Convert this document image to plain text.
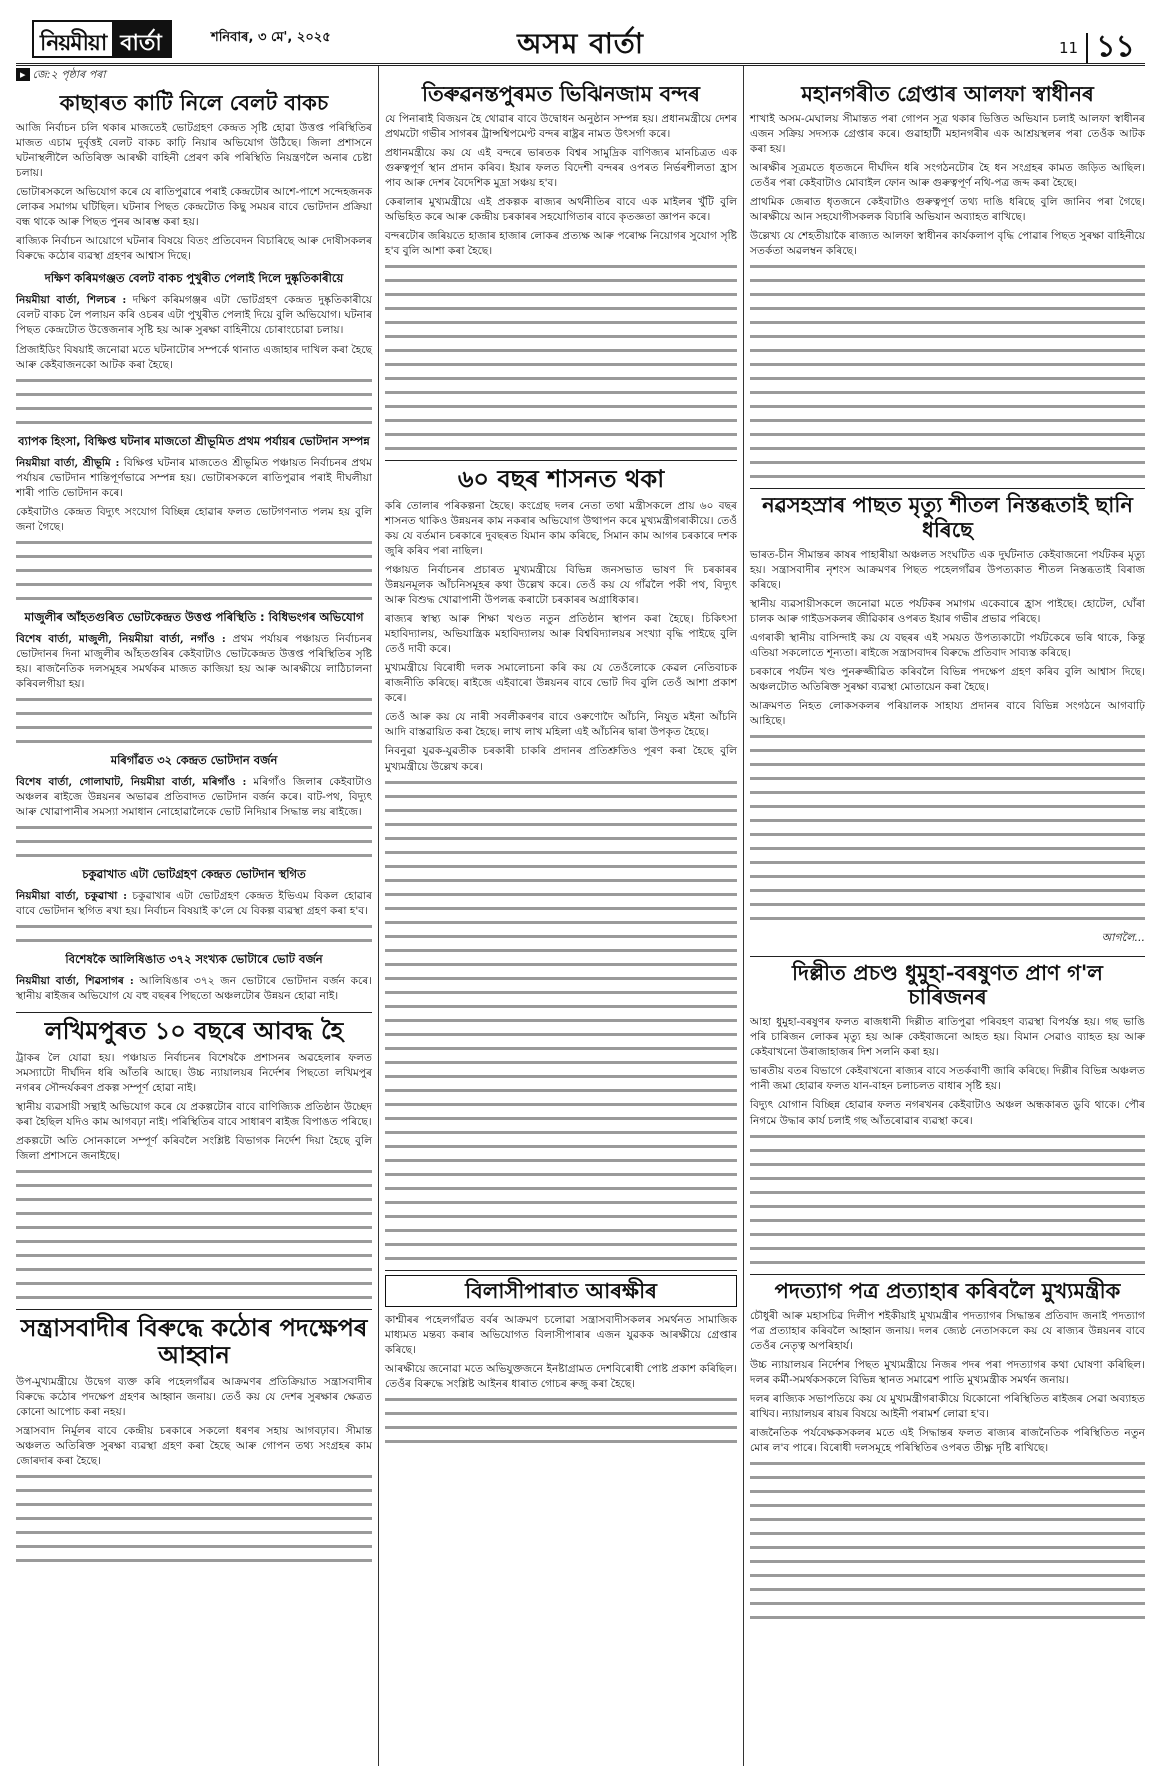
নিয়মীয়া বাৰ্তা	শনিবাৰ, ৩ মে', ২০২৫	অসম বাৰ্তা	11 ১১
▸ জে:২ পৃষ্ঠাৰ পৰা
কাছাৰত কাটি নিলে বেলট বাকচ

আজি নিৰ্বাচন চলি থকাৰ মাজতেই ভোটগ্ৰহণ কেন্দ্ৰত সৃষ্টি হোৱা উত্তপ্ত পৰিস্থিতিৰ মাজত এচাম দুৰ্বৃত্তই বেলট বাকচ কাঢ়ি নিয়াৰ অভিযোগ উঠিছে। জিলা প্ৰশাসনে ঘটনাস্থলীলৈ অতিৰিক্ত আৰক্ষী বাহিনী প্ৰেৰণ কৰি পৰিস্থিতি নিয়ন্ত্ৰণলৈ অনাৰ চেষ্টা চলায়।

ভোটাৰসকলে অভিযোগ কৰে যে ৰাতিপুৱাৰে পৰাই কেন্দ্ৰটোৰ আশে-পাশে সন্দেহজনক লোকৰ সমাগম ঘটিছিল। ঘটনাৰ পিছত কেন্দ্ৰটোত কিছু সময়ৰ বাবে ভোটদান প্ৰক্ৰিয়া বন্ধ থাকে আৰু পিছত পুনৰ আৰম্ভ কৰা হয়।

ৰাজ্যিক নিৰ্বাচন আয়োগে ঘটনাৰ বিষয়ে বিতং প্ৰতিবেদন বিচাৰিছে আৰু দোষীসকলৰ বিৰুদ্ধে কঠোৰ ব্যৱস্থা গ্ৰহণৰ আশ্বাস দিছে।

দক্ষিণ কৰিমগঞ্জত বেলট বাকচ পুখুৰীত পেলাই দিলে দুষ্কৃতিকাৰীয়ে

নিয়মীয়া বাৰ্তা, শিলচৰ : দক্ষিণ কৰিমগঞ্জৰ এটা ভোটগ্ৰহণ কেন্দ্ৰত দুষ্কৃতিকাৰীয়ে বেলট বাকচ লৈ পলায়ন কৰি ওচৰৰ এটা পুখুৰীত পেলাই দিয়ে বুলি অভিযোগ। ঘটনাৰ পিছত কেন্দ্ৰটোত উত্তেজনাৰ সৃষ্টি হয় আৰু সুৰক্ষা বাহিনীয়ে চোৰাংচোৱা চলায়।

প্ৰিজাইডিং বিষয়াই জনোৱা মতে ঘটনাটোৰ সম্পৰ্কে থানাত এজাহাৰ দাখিল কৰা হৈছে আৰু কেইবাজনকো আটক কৰা হৈছে।

ব্যাপক হিংসা, বিক্ষিপ্ত ঘটনাৰ মাজতো শ্ৰীভূমিত প্ৰথম পৰ্যায়ৰ ভোটদান সম্পন্ন

নিয়মীয়া বাৰ্তা, শ্ৰীভূমি : বিক্ষিপ্ত ঘটনাৰ মাজতেও শ্ৰীভূমিত পঞ্চায়ত নিৰ্বাচনৰ প্ৰথম পৰ্যায়ৰ ভোটদান শান্তিপূৰ্ণভাৱে সম্পন্ন হয়। ভোটাৰসকলে ৰাতিপুৱাৰ পৰাই দীঘলীয়া শাৰী পাতি ভোটদান কৰে।

কেইবাটাও কেন্দ্ৰত বিদ্যুৎ সংযোগ বিচ্ছিন্ন হোৱাৰ ফলত ভোটগণনাত পলম হয় বুলি জনা গৈছে।

মাজুলীৰ আঁহতগুৰিত ভোটকেন্দ্ৰত উত্তপ্ত পৰিস্থিতি : বিধিভংগৰ অভিযোগ

বিশেষ বাৰ্তা, মাজুলী, নিয়মীয়া বাৰ্তা, নগাঁও : প্ৰথম পৰ্যায়ৰ পঞ্চায়ত নিৰ্বাচনৰ ভোটদানৰ দিনা মাজুলীৰ আঁহতগুৰিৰ কেইবাটাও ভোটকেন্দ্ৰত উত্তপ্ত পৰিস্থিতিৰ সৃষ্টি হয়। ৰাজনৈতিক দলসমূহৰ সমৰ্থকৰ মাজত কাজিয়া হয় আৰু আৰক্ষীয়ে লাঠিচালনা কৰিবলগীয়া হয়।

মৰিগাঁৱত ৩২ কেন্দ্ৰত ভোটদান বৰ্জন

বিশেষ বাৰ্তা, গোলাঘাট, নিয়মীয়া বাৰ্তা, মৰিগাঁও : মৰিগাঁও জিলাৰ কেইবাটাও অঞ্চলৰ ৰাইজে উন্নয়নৰ অভাৱৰ প্ৰতিবাদত ভোটদান বৰ্জন কৰে। বাট-পথ, বিদ্যুৎ আৰু খোৱাপানীৰ সমস্যা সমাধান নোহোৱালৈকে ভোট নিদিয়াৰ সিদ্ধান্ত লয় ৰাইজে।

চকুৱাখাত এটা ভোটগ্ৰহণ কেন্দ্ৰত ভোটদান স্থগিত

নিয়মীয়া বাৰ্তা, চকুৱাখা : চকুৱাখাৰ এটা ভোটগ্ৰহণ কেন্দ্ৰত ইভিএম বিকল হোৱাৰ বাবে ভোটদান স্থগিত ৰখা হয়। নিৰ্বাচন বিষয়াই ক'লে যে বিকল্প ব্যৱস্থা গ্ৰহণ কৰা হ'ব।

বিশেষকৈ আলিষিঙাত ৩৭২ সংখ্যক ভোটাৰে ভোট বৰ্জন

নিয়মীয়া বাৰ্তা, শিৱসাগৰ : আলিষিঙাৰ ৩৭২ জন ভোটাৰে ভোটদান বৰ্জন কৰে। স্থানীয় ৰাইজৰ অভিযোগ যে বহু বছৰৰ পিছতো অঞ্চলটোৰ উন্নয়ন হোৱা নাই।

লখিমপুৰত ১০ বছৰে আবদ্ধ হৈ

ট্ৰাকৰ লৈ যোৱা হয়। পঞ্চায়ত নিৰ্বাচনৰ বিশেষকৈ প্ৰশাসনৰ অৱহেলাৰ ফলত সমস্যাটো দীৰ্ঘদিন ধৰি আঁতৰি আছে। উচ্চ ন্যায়ালয়ৰ নিৰ্দেশৰ পিছতো লখিমপুৰ নগৰৰ সৌন্দৰ্যকৰণ প্ৰকল্প সম্পূৰ্ণ হোৱা নাই।

স্থানীয় ব্যৱসায়ী সন্থাই অভিযোগ কৰে যে প্ৰকল্পটোৰ বাবে বাণিজ্যিক প্ৰতিষ্ঠান উচ্ছেদ কৰা হৈছিল যদিও কাম আগবঢ়া নাই। পৰিস্থিতিৰ বাবে সাধাৰণ ৰাইজ বিপাঙত পৰিছে।

প্ৰকল্পটো অতি সোনকালে সম্পূৰ্ণ কৰিবলৈ সংশ্লিষ্ট বিভাগক নিৰ্দেশ দিয়া হৈছে বুলি জিলা প্ৰশাসনে জনাইছে।

সন্ত্ৰাসবাদীৰ বিৰুদ্ধে কঠোৰ পদক্ষেপৰ আহ্বান

উপ-মুখ্যমন্ত্ৰীয়ে উদ্বেগ ব্যক্ত কৰি পহেলগাঁৱৰ আক্ৰমণৰ প্ৰতিক্ৰিয়াত সন্ত্ৰাসবাদীৰ বিৰুদ্ধে কঠোৰ পদক্ষেপ গ্ৰহণৰ আহ্বান জনায়। তেওঁ কয় যে দেশৰ সুৰক্ষাৰ ক্ষেত্ৰত কোনো আপোচ কৰা নহয়।

সন্ত্ৰাসবাদ নিৰ্মূলৰ বাবে কেন্দ্ৰীয় চৰকাৰে সকলো ধৰণৰ সহায় আগবঢ়াব। সীমান্ত অঞ্চলত অতিৰিক্ত সুৰক্ষা ব্যৱস্থা গ্ৰহণ কৰা হৈছে আৰু গোপন তথ্য সংগ্ৰহৰ কাম জোৰদাৰ কৰা হৈছে।

তিৰুৱনন্তপুৰমত ভিঝিনজাম বন্দৰ

যে পিনাৰাই বিজয়ন হৈ থোৱাৰ বাবে উদ্বোধন অনুষ্ঠান সম্পন্ন হয়। প্ৰধানমন্ত্ৰীয়ে দেশৰ প্ৰথমটো গভীৰ সাগৰৰ ট্ৰান্সশ্বিপমেণ্ট বন্দৰ ৰাষ্ট্ৰৰ নামত উৎসৰ্গা কৰে।

প্ৰধানমন্ত্ৰীয়ে কয় যে এই বন্দৰে ভাৰতক বিশ্বৰ সামুদ্ৰিক বাণিজ্যৰ মানচিত্ৰত এক গুৰুত্বপূৰ্ণ স্থান প্ৰদান কৰিব। ইয়াৰ ফলত বিদেশী বন্দৰৰ ওপৰত নিৰ্ভৰশীলতা হ্ৰাস পাব আৰু দেশৰ বৈদেশিক মুদ্ৰা সঞ্চয় হ'ব।

কেৰালাৰ মুখ্যমন্ত্ৰীয়ে এই প্ৰকল্পক ৰাজ্যৰ অৰ্থনীতিৰ বাবে এক মাইলৰ খুঁটি বুলি অভিহিত কৰে আৰু কেন্দ্ৰীয় চৰকাৰৰ সহযোগিতাৰ বাবে কৃতজ্ঞতা জ্ঞাপন কৰে।

বন্দৰটোৰ জৰিয়তে হাজাৰ হাজাৰ লোকৰ প্ৰত্যক্ষ আৰু পৰোক্ষ নিয়োগৰ সুযোগ সৃষ্টি হ'ব বুলি আশা কৰা হৈছে।

৬০ বছৰ শাসনত থকা

কৰি তোলাৰ পৰিকল্পনা হৈছে। কংগ্ৰেছ দলৰ নেতা তথা মন্ত্ৰীসকলে প্ৰায় ৬০ বছৰ শাসনত থাকিও উন্নয়নৰ কাম নকৰাৰ অভিযোগ উত্থাপন কৰে মুখ্যমন্ত্ৰীগৰাকীয়ে। তেওঁ কয় যে বৰ্তমান চৰকাৰে দুবছৰত যিমান কাম কৰিছে, সিমান কাম আগৰ চৰকাৰে দশক জুৰি কৰিব পৰা নাছিল।

পঞ্চায়ত নিৰ্বাচনৰ প্ৰচাৰত মুখ্যমন্ত্ৰীয়ে বিভিন্ন জনসভাত ভাষণ দি চৰকাৰৰ উন্নয়নমূলক আঁচনিসমূহৰ কথা উল্লেখ কৰে। তেওঁ কয় যে গাঁৱলৈ পকী পথ, বিদ্যুৎ আৰু বিশুদ্ধ খোৱাপানী উপলব্ধ কৰাটো চৰকাৰৰ অগ্ৰাধিকাৰ।

ৰাজ্যৰ স্বাস্থ্য আৰু শিক্ষা খণ্ডত নতুন প্ৰতিষ্ঠান স্থাপন কৰা হৈছে। চিকিৎসা মহাবিদ্যালয়, অভিযান্ত্ৰিক মহাবিদ্যালয় আৰু বিশ্ববিদ্যালয়ৰ সংখ্যা বৃদ্ধি পাইছে বুলি তেওঁ দাবী কৰে।

মুখ্যমন্ত্ৰীয়ে বিৰোধী দলক সমালোচনা কৰি কয় যে তেওঁলোকে কেৱল নেতিবাচক ৰাজনীতি কৰিছে। ৰাইজে এইবাৰো উন্নয়নৰ বাবে ভোট দিব বুলি তেওঁ আশা প্ৰকাশ কৰে।

তেওঁ আৰু কয় যে নাৰী সবলীকৰণৰ বাবে ওৰুণোদৈ আঁচনি, নিযুত মইনা আঁচনি আদি বাস্তৱায়িত কৰা হৈছে। লাখ লাখ মহিলা এই আঁচনিৰ দ্বাৰা উপকৃত হৈছে।

নিবনুৱা যুৱক-যুৱতীক চৰকাৰী চাকৰি প্ৰদানৰ প্ৰতিশ্ৰুতিও পূৰণ কৰা হৈছে বুলি মুখ্যমন্ত্ৰীয়ে উল্লেখ কৰে।

বিলাসীপাৰাত আৰক্ষীৰ

কাশ্মীৰৰ পহেলগাঁৱত বৰ্বৰ আক্ৰমণ চলোৱা সন্ত্ৰাসবাদীসকলৰ সমৰ্থনত সামাজিক মাধ্যমত মন্তব্য কৰাৰ অভিযোগত বিলাসীপাৰাৰ এজন যুৱকক আৰক্ষীয়ে গ্ৰেপ্তাৰ কৰিছে।

আৰক্ষীয়ে জনোৱা মতে অভিযুক্তজনে ইনষ্টাগ্ৰামত দেশবিৰোধী পোষ্ট প্ৰকাশ কৰিছিল। তেওঁৰ বিৰুদ্ধে সংশ্লিষ্ট আইনৰ ধাৰাত গোচৰ ৰুজু কৰা হৈছে।

মহানগৰীত গ্ৰেপ্তাৰ আলফা স্বাধীনৰ

শাখাই অসম-মেঘালয় সীমান্তত পৰা গোপন সূত্ৰ থকাৰ ভিত্তিত অভিযান চলাই আলফা স্বাধীনৰ এজন সক্ৰিয় সদস্যক গ্ৰেপ্তাৰ কৰে। গুৱাহাটী মহানগৰীৰ এক আশ্ৰয়স্থলৰ পৰা তেওঁক আটক কৰা হয়।

আৰক্ষীৰ সূত্ৰমতে ধৃতজনে দীৰ্ঘদিন ধৰি সংগঠনটোৰ হৈ ধন সংগ্ৰহৰ কামত জড়িত আছিল। তেওঁৰ পৰা কেইবাটাও মোবাইল ফোন আৰু গুৰুত্বপূৰ্ণ নথি-পত্ৰ জব্দ কৰা হৈছে।

প্ৰাথমিক জেৰাত ধৃতজনে কেইবাটাও গুৰুত্বপূৰ্ণ তথ্য দাঙি ধৰিছে বুলি জানিব পৰা গৈছে। আৰক্ষীয়ে আন সহযোগীসকলক বিচাৰি অভিযান অব্যাহত ৰাখিছে।

উল্লেখ্য যে শেহতীয়াকৈ ৰাজ্যত আলফা স্বাধীনৰ কাৰ্যকলাপ বৃদ্ধি পোৱাৰ পিছত সুৰক্ষা বাহিনীয়ে সতৰ্কতা অৱলম্বন কৰিছে।

নৱসহস্ৰাৰ পাছত মৃত্যু শীতল নিস্তব্ধতাই ছানি ধৰিছে

ভাৰত-চীন সীমান্তৰ কাষৰ পাহাৰীয়া অঞ্চলত সংঘটিত এক দুৰ্ঘটনাত কেইবাজনো পৰ্যটকৰ মৃত্যু হয়। সন্ত্ৰাসবাদীৰ নৃশংস আক্ৰমণৰ পিছত পহেলগাঁৱৰ উপত্যকাত শীতল নিস্তব্ধতাই বিৰাজ কৰিছে।

স্থানীয় ব্যৱসায়ীসকলে জনোৱা মতে পৰ্যটকৰ সমাগম একেবাৰে হ্ৰাস পাইছে। হোটেল, ঘোঁৰা চালক আৰু গাইডসকলৰ জীৱিকাৰ ওপৰত ইয়াৰ গভীৰ প্ৰভাৱ পৰিছে।

এগৰাকী স্থানীয় বাসিন্দাই কয় যে বছৰৰ এই সময়ত উপত্যকাটো পৰ্যটকেৰে ভৰি থাকে, কিন্তু এতিয়া সকলোতে শূন্যতা। ৰাইজে সন্ত্ৰাসবাদৰ বিৰুদ্ধে প্ৰতিবাদ সাব্যস্ত কৰিছে।

চৰকাৰে পৰ্যটন খণ্ড পুনৰুজ্জীৱিত কৰিবলৈ বিভিন্ন পদক্ষেপ গ্ৰহণ কৰিব বুলি আশ্বাস দিছে। অঞ্চলটোত অতিৰিক্ত সুৰক্ষা ব্যৱস্থা মোতায়েন কৰা হৈছে।

আক্ৰমণত নিহত লোকসকলৰ পৰিয়ালক সাহায্য প্ৰদানৰ বাবে বিভিন্ন সংগঠনে আগবাঢ়ি আহিছে।

আগলৈ...
দিল্লীত প্ৰচণ্ড ধুমুহা-বৰষুণত প্ৰাণ গ'ল চাৰিজনৰ

আহা ধুমুহা-বৰষুণৰ ফলত ৰাজধানী দিল্লীত ৰাতিপুৱা পৰিবহণ ব্যৱস্থা বিপৰ্যস্ত হয়। গছ ভাঙি পৰি চাৰিজন লোকৰ মৃত্যু হয় আৰু কেইবাজনো আহত হয়। বিমান সেৱাও ব্যাহত হয় আৰু কেইবাখনো উৰাজাহাজৰ দিশ সলনি কৰা হয়।

ভাৰতীয় বতৰ বিভাগে কেইবাখনো ৰাজ্যৰ বাবে সতৰ্কবাণী জাৰি কৰিছে। দিল্লীৰ বিভিন্ন অঞ্চলত পানী জমা হোৱাৰ ফলত যান-বাহন চলাচলত বাধাৰ সৃষ্টি হয়।

বিদ্যুৎ যোগান বিচ্ছিন্ন হোৱাৰ ফলত নগৰখনৰ কেইবাটাও অঞ্চল অন্ধকাৰত ডুবি থাকে। পৌৰ নিগমে উদ্ধাৰ কাৰ্য চলাই গছ আঁতৰোৱাৰ ব্যৱস্থা কৰে।

পদত্যাগ পত্ৰ প্ৰত্যাহাৰ কৰিবলৈ মুখ্যমন্ত্ৰীক

চৌধুৰী আৰু মহাসচিৱ দিলীপ শইকীয়াই মুখ্যমন্ত্ৰীৰ পদত্যাগৰ সিদ্ধান্তৰ প্ৰতিবাদ জনাই পদত্যাগ পত্ৰ প্ৰত্যাহাৰ কৰিবলৈ আহ্বান জনায়। দলৰ জ্যেষ্ঠ নেতাসকলে কয় যে ৰাজ্যৰ উন্নয়নৰ বাবে তেওঁৰ নেতৃত্ব অপৰিহাৰ্য।

উচ্চ ন্যায়ালয়ৰ নিৰ্দেশৰ পিছত মুখ্যমন্ত্ৰীয়ে নিজৰ পদৰ পৰা পদত্যাগৰ কথা ঘোষণা কৰিছিল। দলৰ কৰ্মী-সমৰ্থকসকলে বিভিন্ন স্থানত সমাৱেশ পাতি মুখ্যমন্ত্ৰীক সমৰ্থন জনায়।

দলৰ ৰাজ্যিক সভাপতিয়ে কয় যে মুখ্যমন্ত্ৰীগৰাকীয়ে যিকোনো পৰিস্থিতিত ৰাইজৰ সেৱা অব্যাহত ৰাখিব। ন্যায়ালয়ৰ ৰায়ৰ বিষয়ে আইনী পৰামৰ্শ লোৱা হ'ব।

ৰাজনৈতিক পৰ্যবেক্ষকসকলৰ মতে এই সিদ্ধান্তৰ ফলত ৰাজ্যৰ ৰাজনৈতিক পৰিস্থিতিত নতুন মোৰ ল'ব পাৰে। বিৰোধী দলসমূহে পৰিস্থিতিৰ ওপৰত তীক্ষ্ণ দৃষ্টি ৰাখিছে।
